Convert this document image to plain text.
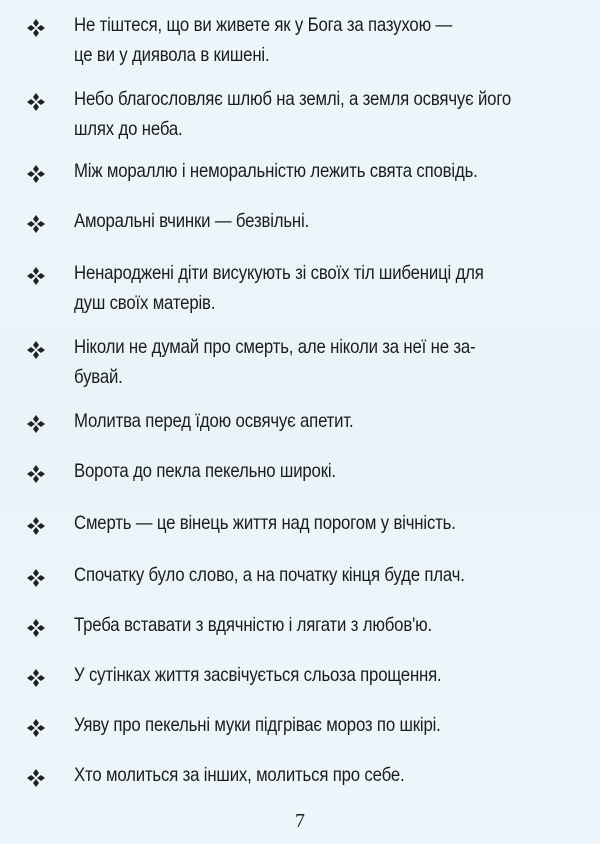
Не тіштеся, що ви живете як у Бога за пазухою —
це ви у диявола в кишені.
Небо благословляє шлюб на землі, а земля освячує його
шлях до неба.
Між мораллю і неморальністю лежить свята сповідь.
Аморальні вчинки — безвільні.
Ненароджені діти висукують зі своїх тіл шибениці для
душ своїх матерів.
Ніколи не думай про смерть, але ніколи за неї не за-
бувай.
Молитва перед їдою освячує апетит.
Ворота до пекла пекельно широкі.
Смерть — це вінець життя над порогом у вічність.
Спочатку було слово, а на початку кінця буде плач.
Треба вставати з вдячністю і лягати з любов'ю.
У сутінках життя засвічується сльоза прощення.
Уяву про пекельні муки підгріває мороз по шкірі.
Хто молиться за інших, молиться про себе.
7
